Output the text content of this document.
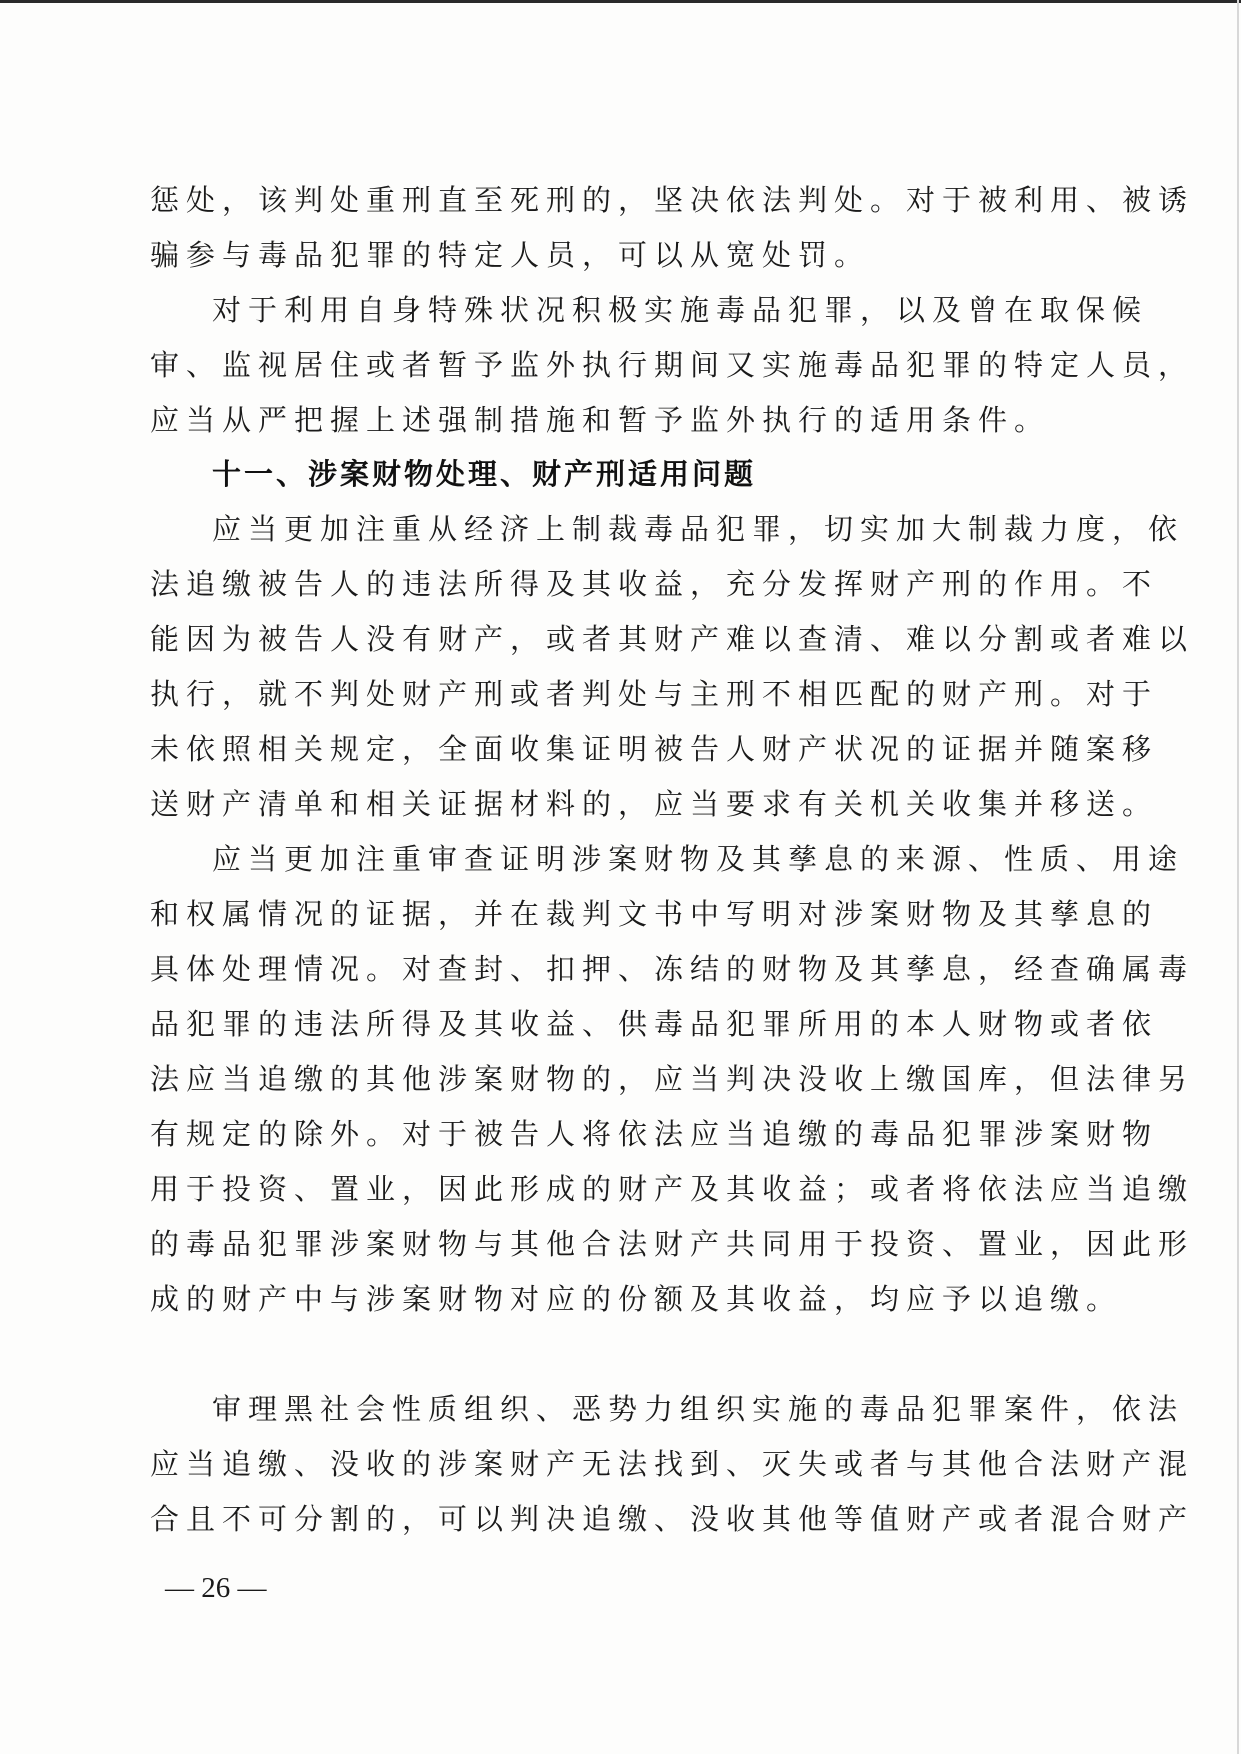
惩处，该判处重刑直至死刑的，坚决依法判处。对于被利用、被诱
骗参与毒品犯罪的特定人员，可以从宽处罚。
对于利用自身特殊状况积极实施毒品犯罪，以及曾在取保候
审、监视居住或者暂予监外执行期间又实施毒品犯罪的特定人员，
应当从严把握上述强制措施和暂予监外执行的适用条件。
十一、涉案财物处理、财产刑适用问题
应当更加注重从经济上制裁毒品犯罪，切实加大制裁力度，依
法追缴被告人的违法所得及其收益，充分发挥财产刑的作用。不
能因为被告人没有财产，或者其财产难以查清、难以分割或者难以
执行，就不判处财产刑或者判处与主刑不相匹配的财产刑。对于
未依照相关规定，全面收集证明被告人财产状况的证据并随案移
送财产清单和相关证据材料的，应当要求有关机关收集并移送。
应当更加注重审查证明涉案财物及其孳息的来源、性质、用途
和权属情况的证据，并在裁判文书中写明对涉案财物及其孳息的
具体处理情况。对查封、扣押、冻结的财物及其孳息，经查确属毒
品犯罪的违法所得及其收益、供毒品犯罪所用的本人财物或者依
法应当追缴的其他涉案财物的，应当判决没收上缴国库，但法律另
有规定的除外。对于被告人将依法应当追缴的毒品犯罪涉案财物
用于投资、置业，因此形成的财产及其收益；或者将依法应当追缴
的毒品犯罪涉案财物与其他合法财产共同用于投资、置业，因此形
成的财产中与涉案财物对应的份额及其收益，均应予以追缴。
审理黑社会性质组织、恶势力组织实施的毒品犯罪案件，依法
应当追缴、没收的涉案财产无法找到、灭失或者与其他合法财产混
合且不可分割的，可以判决追缴、没收其他等值财产或者混合财产
— 26 —
